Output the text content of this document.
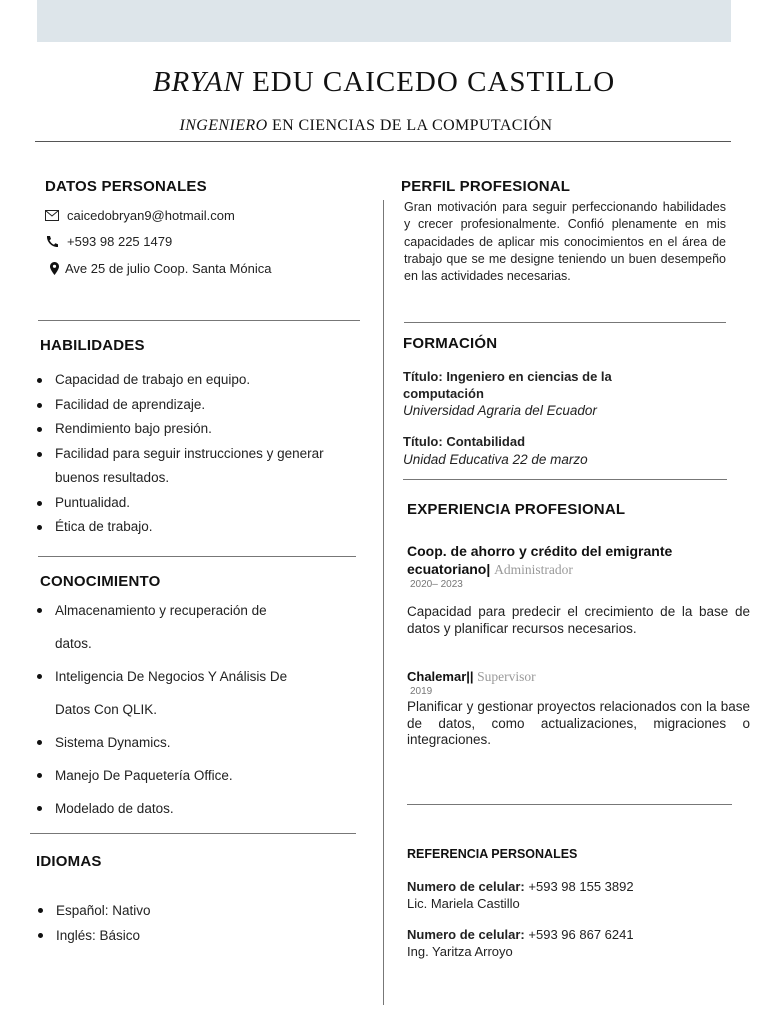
BRYAN EDU CAICEDO CASTILLO
INGENIERO EN CIENCIAS DE LA COMPUTACIÓN
DATOS PERSONALES
caicedobryan9@hotmail.com
+593 98 225 1479
Ave 25 de julio Coop. Santa Mónica
HABILIDADES
Capacidad de trabajo en equipo.
Facilidad de aprendizaje.
Rendimiento bajo presión.
Facilidad para seguir instrucciones y generar
buenos resultados.
Puntualidad.
Ética de trabajo.
CONOCIMIENTO
Almacenamiento y recuperación de
datos.
Inteligencia De Negocios Y Análisis De
Datos Con QLIK.
Sistema Dynamics.
Manejo De Paquetería Office.
Modelado de datos.
IDIOMAS
Español: Nativo
Inglés: Básico
PERFIL PROFESIONAL
Gran motivación para seguir perfeccionando habilidades y crecer profesionalmente. Confió plenamente en mis capacidades de aplicar mis conocimientos en el área de trabajo que se me designe teniendo un buen desempeño en las actividades necesarias.
FORMACIÓN
Título: Ingeniero en ciencias de la computación
Universidad Agraria del Ecuador
Título: Contabilidad
Unidad Educativa 22 de marzo
EXPERIENCIA PROFESIONAL
Coop. de ahorro y crédito del emigrante ecuatoriano| Administrador
2020– 2023
Capacidad para predecir el crecimiento de la base de datos y planificar recursos necesarios.
Chalemar|| Supervisor
2019
Planificar y gestionar proyectos relacionados con la base de datos, como actualizaciones, migraciones o integraciones.
REFERENCIA PERSONALES
Numero de celular: +593 98 155 3892
Lic. Mariela Castillo
Numero de celular: +593 96 867 6241
Ing. Yaritza Arroyo
